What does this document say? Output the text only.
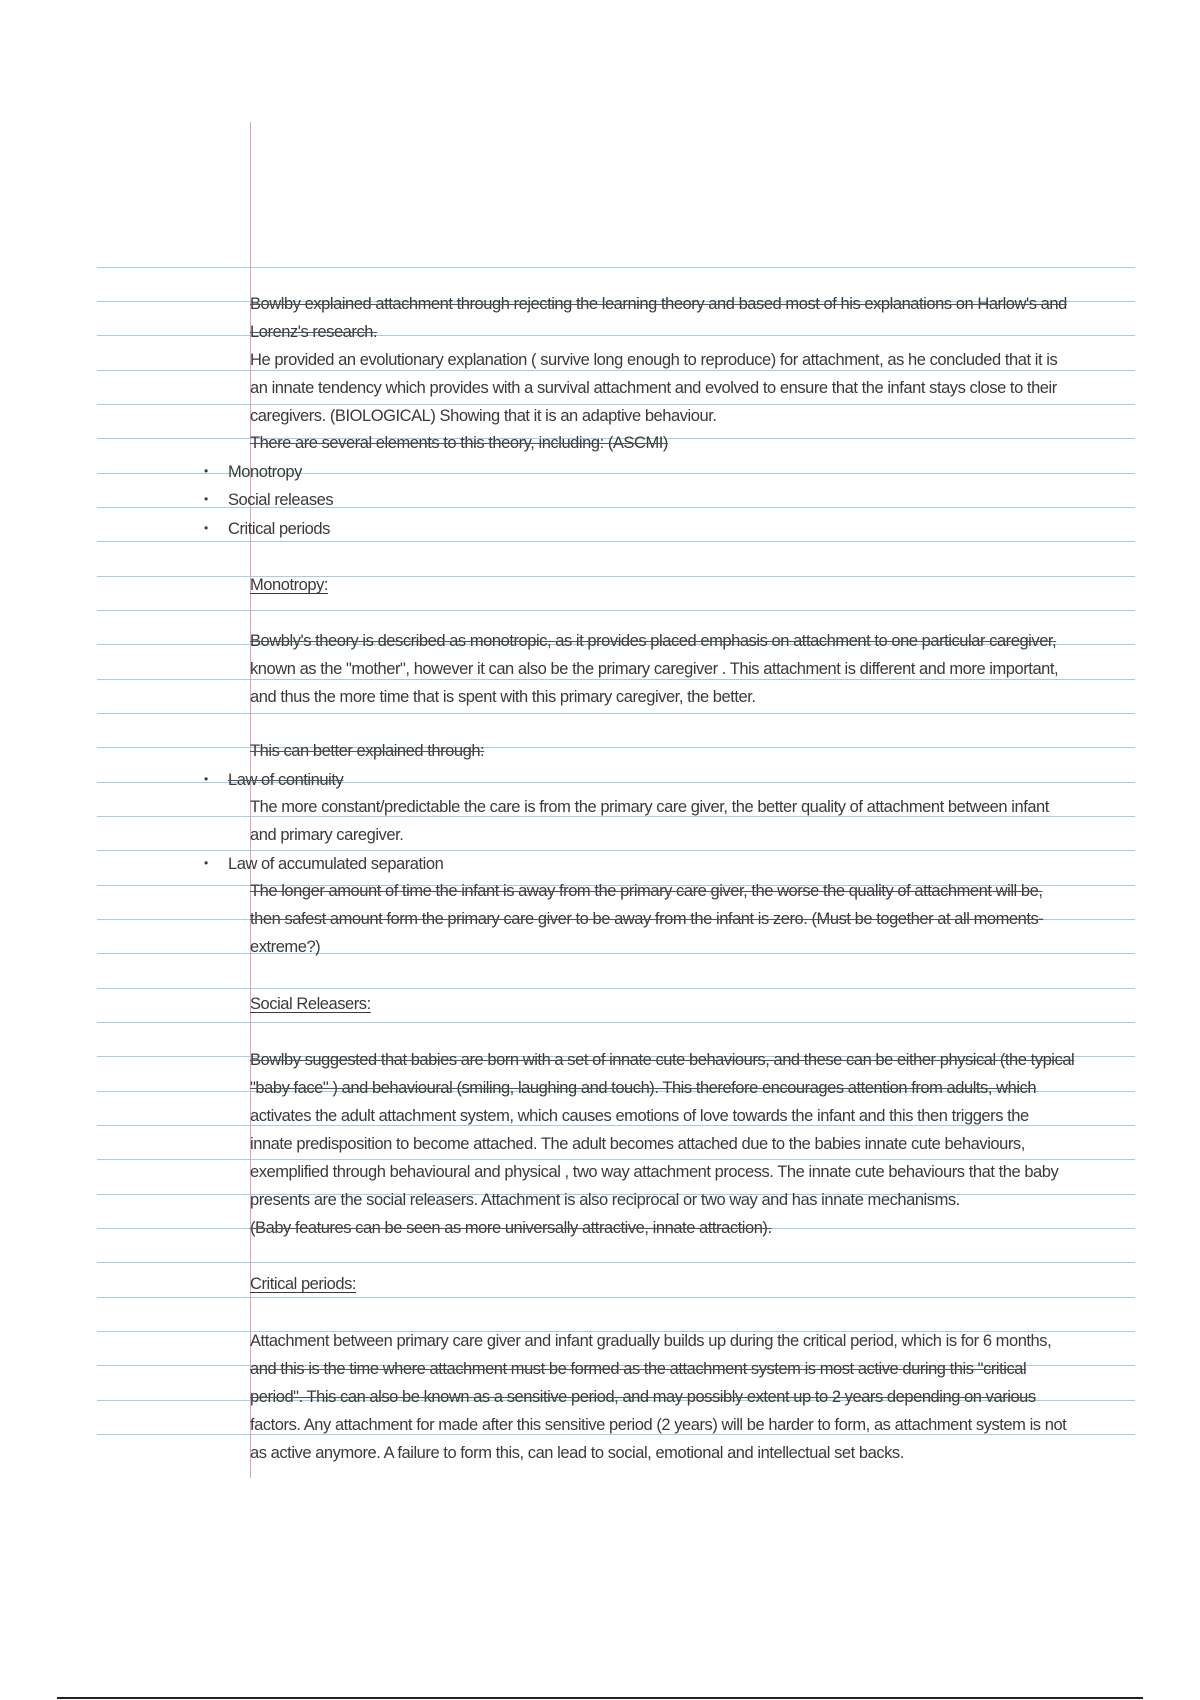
Bowlby explained attachment through rejecting the learning theory and based most of his explanations on Harlow's and
Lorenz's research.
He provided an evolutionary explanation ( survive long enough to reproduce) for attachment, as he concluded that it is
an innate tendency which provides with a survival attachment and evolved to ensure that the infant stays close to their
caregivers. (BIOLOGICAL) Showing that it is an adaptive behaviour.
There are several elements to this theory, including: (ASCMI)
• Monotropy
• Social releases
• Critical periods
Monotropy:
Bowbly's theory is described as monotropic, as it provides placed emphasis on attachment to one particular caregiver,
known as the "mother", however it can also be the primary caregiver . This attachment is different and more important,
and thus the more time that is spent with this primary caregiver, the better.
This can better explained through:
• Law of continuity
The more constant/predictable the care is from the primary care giver, the better quality of attachment between infant
and primary caregiver.
• Law of accumulated separation
The longer amount of time the infant is away from the primary care giver, the worse the quality of attachment will be,
then safest amount form the primary care giver to be away from the infant is zero. (Must be together at all moments-
extreme?)
Social Releasers:
Bowlby suggested that babies are born with a set of innate cute behaviours, and these can be either physical (the typical
"baby face" ) and behavioural (smiling, laughing and touch). This therefore encourages attention from adults, which
activates the adult attachment system, which causes emotions of love towards the infant and this then triggers the
innate predisposition to become attached. The adult becomes attached due to the babies innate cute behaviours,
exemplified through behavioural and physical , two way attachment process. The innate cute behaviours that the baby
presents are the social releasers. Attachment is also reciprocal or two way and has innate mechanisms.
(Baby features can be seen as more universally attractive, innate attraction).
Critical periods:
Attachment between primary care giver and infant gradually builds up during the critical period, which is for 6 months,
and this is the time where attachment must be formed as the attachment system is most active during this "critical
period". This can also be known as a sensitive period, and may possibly extent up to 2 years depending on various
factors. Any attachment for made after this sensitive period (2 years) will be harder to form, as attachment system is not
as active anymore. A failure to form this, can lead to social, emotional and intellectual set backs.
